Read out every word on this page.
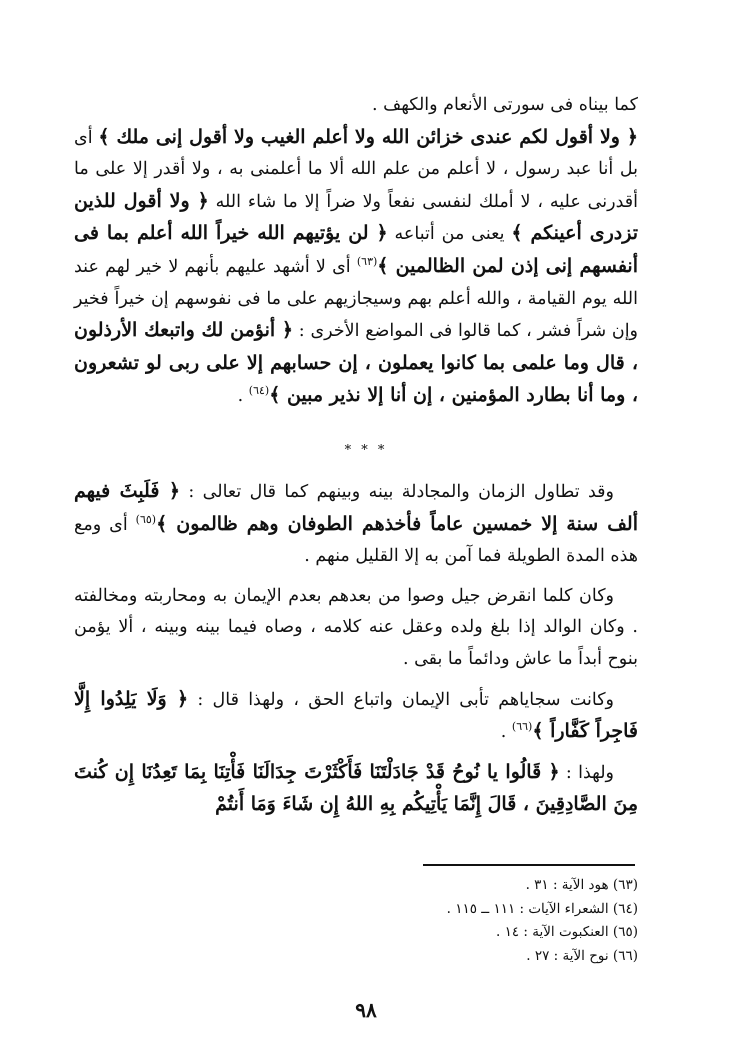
كما بيناه فى سورتى الأنعام والكهف .

﴿ ولا أقول لكم عندى خزائن الله ولا أعلم الغيب ولا أقول إنى ملك ﴾ أى بل أنا عبد رسول ، لا أعلم من علم الله ألا ما أعلمنى به ، ولا أقدر إلا على ما أقدرنى عليه ، لا أملك لنفسى نفعاً ولا ضراً إلا ما شاء الله ﴿ ولا أقول للذين تزدرى أعينكم ﴾ يعنى من أتباعه ﴿ لن يؤتيهم الله خيراً الله أعلم بما فى أنفسهم إنى إذن لمن الظالمين ﴾$^{(٦٣)}$ أى لا أشهد عليهم بأنهم لا خير لهم عند الله يوم القيامة ، والله أعلم بهم وسيجازيهم على ما فى نفوسهم إن خيراً فخير وإن شراً فشر ، كما قالوا فى المواضع الأخرى : ﴿ أنؤمن لك واتبعك الأرذلون ، قال وما علمى بما كانوا يعملون ، إن حسابهم إلا على ربى لو تشعرون ، وما أنا بطارد المؤمنين ، إن أنا إلا نذير مبين ﴾$^{(٦٤)}$ .

* * *

وقد تطاول الزمان والمجادلة بينه وبينهم كما قال تعالى : ﴿ فَلَبِثَ فيهم ألف سنة إلا خمسين عاماً فأخذهم الطوفان وهم ظالمون ﴾$^{(٦٥)}$ أى ومع هذه المدة الطويلة فما آمن به إلا القليل منهم .

وكان كلما انقرض جيل وصوا من بعدهم بعدم الإيمان به ومحاربته ومخالفته . وكان الوالد إذا بلغ ولده وعقل عنه كلامه ، وصاه فيما بينه وبينه ، ألا يؤمن بنوح أبداً ما عاش ودائماً ما بقى .

وكانت سجاياهم تأبى الإيمان واتباع الحق ، ولهذا قال : ﴿ وَلَا يَلِدُوا إِلَّا فَاجِراً كَفَّاراً ﴾$^{(٦٦)}$ .

ولهذا : ﴿ قَالُوا يا نُوحُ قَدْ جَادَلْتَنَا فَأَكْثَرْتَ جِدَالَنَا فَأْتِنَا بِمَا تَعِدُنَا إِن كُنتَ مِنَ الصَّادِقِينَ ، قَالَ إِنَّمَا يَأْتِيكُم بِهِ اللهُ إِن شَاءَ وَمَا أَنتُمْ

(٦٣) هود الآية : ٣١ .
(٦٤) الشعراء الآيات : ١١١ ــ ١١٥ .
(٦٥) العنكبوت الآية : ١٤ .
(٦٦) نوح الآية : ٢٧ .
٩٨
